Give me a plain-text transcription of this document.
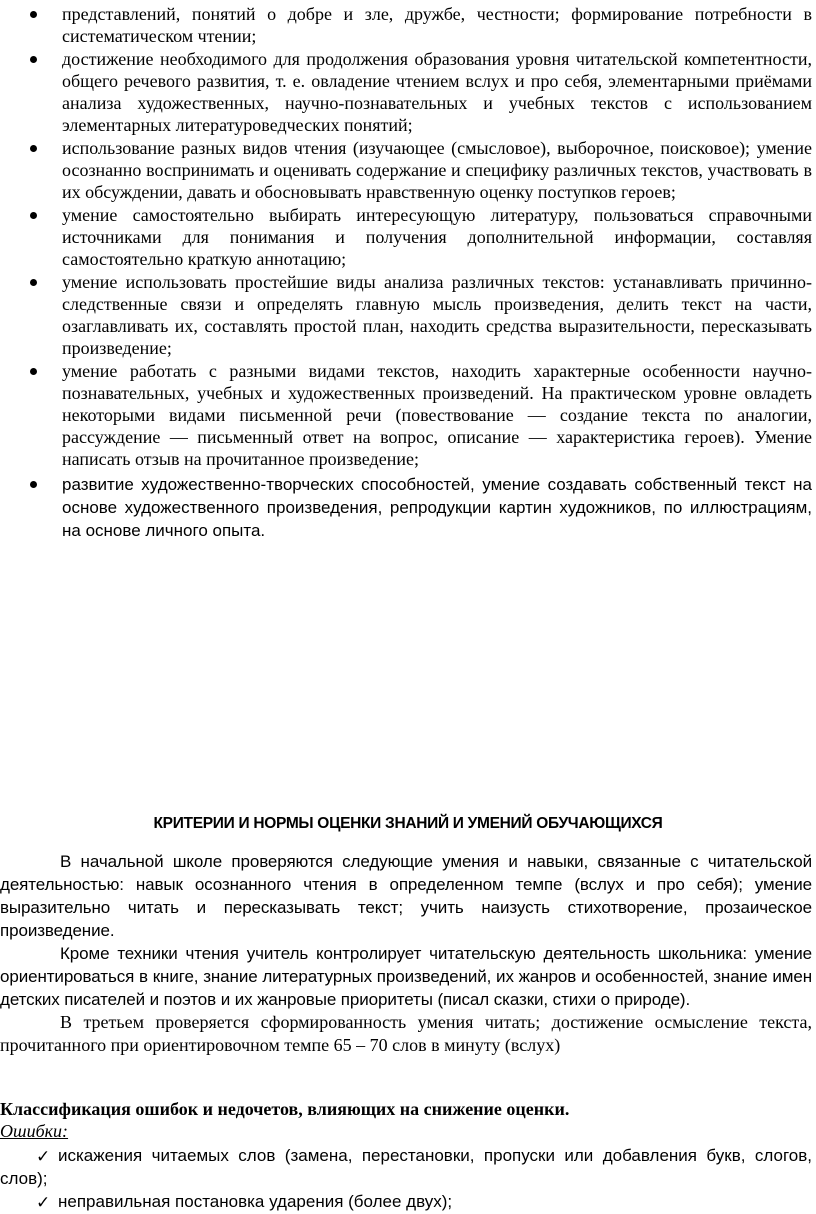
представлений, понятий о добре и зле, дружбе, честности; формирование потребности в систематическом чтении;
достижение необходимого для продолжения образования уровня читательской компетентности, общего речевого развития, т. е. овладение чтением вслух и про себя, элементарными приёмами анализа художественных, научно-познавательных и учебных текстов с использованием элементарных литературоведческих понятий;
использование разных видов чтения (изучающее (смысловое), выборочное, поисковое); умение осознанно воспринимать и оценивать содержание и специфику различных текстов, участвовать в их обсуждении, давать и обосновывать нравственную оценку поступков героев;
умение самостоятельно выбирать интересующую литературу, пользоваться справочными источниками для понимания и получения дополнительной информации, составляя самостоятельно краткую аннотацию;
умение использовать простейшие виды анализа различных текстов: устанавливать причинно-следственные связи и определять главную мысль произведения, делить текст на части, озаглавливать их, составлять простой план, находить средства выразительности, пересказывать произведение;
умение работать с разными видами текстов, находить характерные особенности научно-познавательных, учебных и художественных произведений. На практическом уровне овладеть некоторыми видами письменной речи (повествование — создание текста по аналогии, рассуждение — письменный ответ на вопрос, описание — характеристика героев). Умение написать отзыв на прочитанное произведение;
развитие художественно-творческих способностей, умение создавать собственный текст на основе художественного произведения, репродукции картин художников, по иллюстрациям, на основе личного опыта.
КРИТЕРИИ И НОРМЫ ОЦЕНКИ ЗНАНИЙ И УМЕНИЙ ОБУЧАЮЩИХСЯ

В начальной школе проверяются следующие умения и навыки, связанные с читательской деятельностью: навык осознанного чтения в определенном темпе (вслух и про себя); умение выразительно читать и пересказывать текст; учить наизусть стихотворение, прозаическое произведение.

Кроме техники чтения учитель контролирует читательскую деятельность школьника: умение ориентироваться в книге, знание литературных произведений, их жанров и особенностей, знание имен детских писателей и поэтов и их жанровые приоритеты (писал сказки, стихи о природе).

В третьем проверяется сформированность умения читать; достижение осмысление текста, прочитанного при ориентировочном темпе 65 – 70 слов в минуту (вслух)

Классификация ошибок и недочетов, влияющих на снижение оценки.
Ошибки:
✓ искажения читаемых слов (замена, перестановки, пропуски или добавления букв, слогов, слов);
✓ неправильная постановка ударения (более двух);
